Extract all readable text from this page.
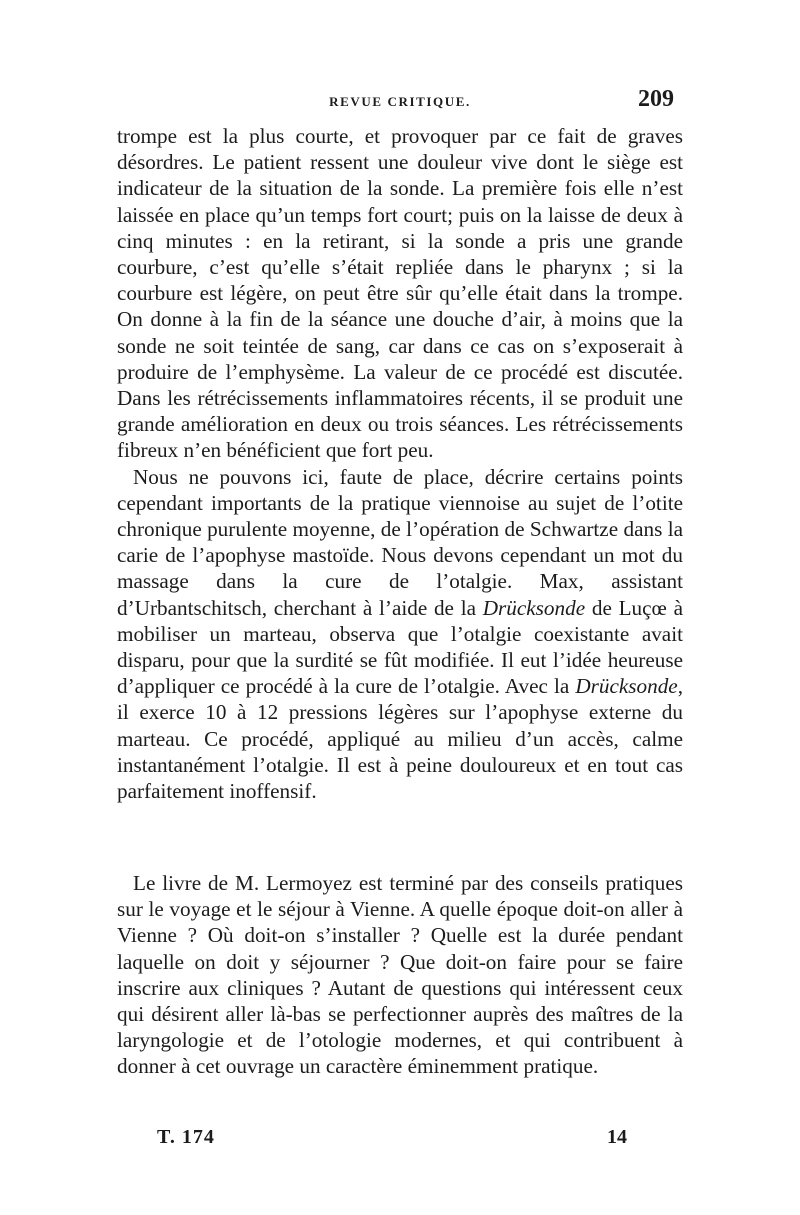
REVUE CRITIQUE.	209

trompe est la plus courte, et provoquer par ce fait de graves désordres. Le patient ressent une douleur vive dont le siège est indicateur de la situation de la sonde. La première fois elle n’est laissée en place qu’un temps fort court; puis on la laisse de deux à cinq minutes : en la retirant, si la sonde a pris une grande courbure, c’est qu’elle s’était repliée dans le pharynx ; si la courbure est légère, on peut être sûr qu’elle était dans la trompe. On donne à la fin de la séance une douche d’air, à moins que la sonde ne soit teintée de sang, car dans ce cas on s’exposerait à produire de l’emphysème. La valeur de ce procédé est discutée. Dans les rétrécissements inflammatoires récents, il se produit une grande amélioration en deux ou trois séances. Les rétrécissements fibreux n’en bénéficient que fort peu.

Nous ne pouvons ici, faute de place, décrire certains points cependant importants de la pratique viennoise au sujet de l’otite chronique purulente moyenne, de l’opération de Schwartze dans la carie de l’apophyse mastoïde. Nous devons cependant un mot du massage dans la cure de l’otalgie. Max, assistant d’Urbantschitsch, cherchant à l’aide de la Drücksonde de Luçœ à mobiliser un marteau, observa que l’otalgie coexistante avait disparu, pour que la surdité se fût modifiée. Il eut l’idée heureuse d’appliquer ce procédé à la cure de l’otalgie. Avec la Drücksonde, il exerce 10 à 12 pressions légères sur l’apophyse externe du marteau. Ce procédé, appliqué au milieu d’un accès, calme instantanément l’otalgie. Il est à peine douloureux et en tout cas parfaitement inoffensif.

Le livre de M. Lermoyez est terminé par des conseils pratiques sur le voyage et le séjour à Vienne. A quelle époque doit-on aller à Vienne ? Où doit-on s’installer ? Quelle est la durée pendant laquelle on doit y séjourner ? Que doit-on faire pour se faire inscrire aux cliniques ? Autant de questions qui intéressent ceux qui désirent aller là-bas se perfectionner auprès des maîtres de la laryngologie et de l’otologie modernes, et qui contribuent à donner à cet ouvrage un caractère éminemment pratique.

T. 174	14
